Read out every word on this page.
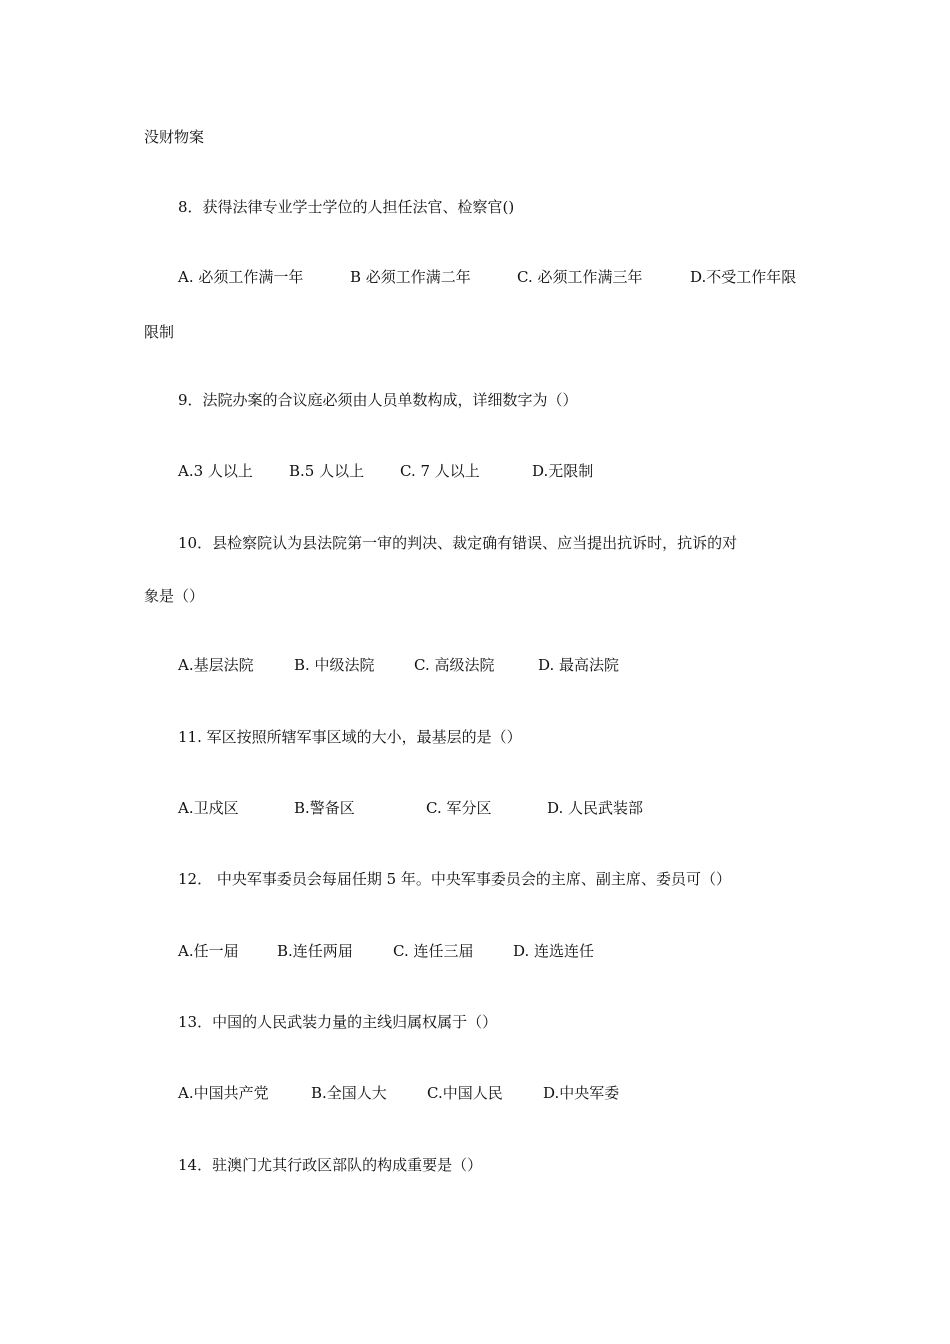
没财物案
8．获得法律专业学士学位的人担任法官、检察官()
A. 必须工作满一年	B 必须工作满二年	C. 必须工作满三年	D.不受工作年限
限制
9．法院办案的合议庭必须由人员单数构成，详细数字为（）
A.3 人以上 B.5 人以上 C. 7 人以上	D.无限制
10．县检察院认为县法院第一审的判决、裁定确有错误、应当提出抗诉时，抗诉的对
象是（）
A.基层法院	B. 中级法院	C. 高级法院	D. 最高法院
11. 军区按照所辖军事区域的大小，最基层的是（）
A.卫戍区	B.警备区	C. 军分区	D. 人民武装部
12． 中央军事委员会每届任期 5 年。中央军事委员会的主席、副主席、委员可（）
A.任一届	B.连任两届	C. 连任三届	D. 连选连任
13．中国的人民武装力量的主线归属权属于（）
A.中国共产党	B.全国人大	C.中国人民	D.中央军委
14．驻澳门尤其行政区部队的构成重要是（）
